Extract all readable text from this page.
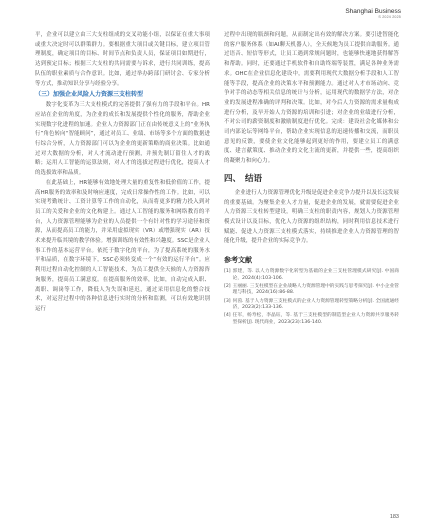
Shanghai Business
S 2024 2025

平，企业可以建立由三大支柱组成的交叉功能小组，以保证在重大事项或重大决定时可以群策群力。要根据重大项目或关键目标，建立项目管理制度，确定项目的目标、时间节点和负责人员，保证项目如期进行，达到预定目标；根据三大支柱的共同需要与诉求，进行共同训练，提高队伍的职业素质与合作意识。比如，通过举办跨部门研讨会、专家分析等方式，推动知识分享与经验分享。

（三）加强企业风险人力资源三支柱转型

数字化变革为三大支柱模式的完善提供了强有力的手段和平台。HR应站在企业的角度，为企业的成长和发展提供个性化的服务，帮助企业实现数字化进程的加速。企业人力资源部门正在由传统意义上的“业务执行”角色转向“智能顾问”，通过对员工、业绩、市场等多个方面的数据进行综合分析，人力资源部门可以为企业的更新策略的商业决策。比如通过对大数据的分析，对人才流动进行预测，并预先制订留住人才的战略；运用人工智能的运算法则，对人才的选拔过程进行优化，提高人才的选拔效率和品质。

在此基础上，HR能够有效地处理大量的重复性和低价值的工作，提高HR服务的效率和及时响应速度，完成日常操作性的工作。比如，可以实现考勤统计、工资计算等工作的自动化，从而将更多的精力投入到对员工的关爱和企业的文化构建上。通过人工智能的服务和网络教育的平台，人力资源管理能够为企业的人员提供一个有针对性的学习途径和资源，从而提高员工的能力，并采用虚拟现实（VR）或增强现实（AR）技术来提升临其境的教学体验。增强训练的有效性和兴趣度。SSC是企业人事工作的基本运营平台。依托于数字化的平台，为了提高系统的服务水平和品质，在数字环境下，SSC必须转变成一个“有效的运行平台”。应利用过程自动化控制的人工智能技术，为员工提供全天候的人力资源咨询服务，提高员工满意度。在提高服务的效率，比如，自动完成入职、离职、调岗等工作，降低人为失误和延迟，通过采用信息化的整合技术，对运营过程中的各种信息进行实时的分析和监测，可以有效地识别运行

过程中出现的瓶颈和问题，从而制定出有效的解决方案。要引进智能化的客户服务体系（如AI聊天机器人），全天候地为员工提供自助服务。通过语音、短信等形式，让员工遇到常规问题时，也能够快速地获得解答和帮助。同时，还要通过手机软件和自助终端等装置，满足各种业务需求。OHC在企业信息化建设中，需要利用现代大数据分析手段和人工智能等手段，提高企业的决策水平和预测能力。通过对人才市场动向、竞争对手的动态等相关信息的统计与分析，运用现代的数据学方法，对企业的发展进程准确的评判和决策。比如，对今后人力资源的需求量构成进行分析，及早开始人力资源的培训和引进；对企业的业绩进行分析，不对公司的薪资制度和激励制度进行优化。完成：建设社会化媒体和公司内部论坛等网络平台，帮助企业实现信息的迅速传播和交流，而职员意见的反馈，要使企业文化能够起到更好的作用，要建立员工的满意度、建言献策度、推动企业的文化主流的更新，并提供一些，提高组织的凝聚力和向心力。

四、 结语

企业进行人力资源管理优化升级是促进企业竞争力提升以及长远发展的重要基础。为聚集企业人才力量，促进企业的发展，就需要促进企业人力资源三支柱转型建设，明确三支柱的职责内容，规划人力资源管理模式设计以及目标，优化人力资源的组织结构，同时利用信息技术进行赋能、促进人力资源三支柱模式落实，持续推进企业人力资源管理的智能化升级，提升企业的实际竞争力。

参考文献
[1] 郭建，等. 以人力资源数字化转型为基础的企业三支柱管理模式研究[J]. 中国商论，2024(4):103-106.
[2] 王丽丽. 三支柱模型在企业战略人力资源管理中的实践与思考探究[J]. 中小企业管理与科技，2024(16):86-88.
[3] 何茵. 基于人力资源三支柱模式的企业人力资源管理转型策略分析[J]. 全国流通经济，2023(2):133-136.
[4] 任军，杨寿松，李晶钰，等. 基于三支柱模型的制造型企业人力资源共享服务转型探析[J]. 现代商业，2023(23):136-140.
183
